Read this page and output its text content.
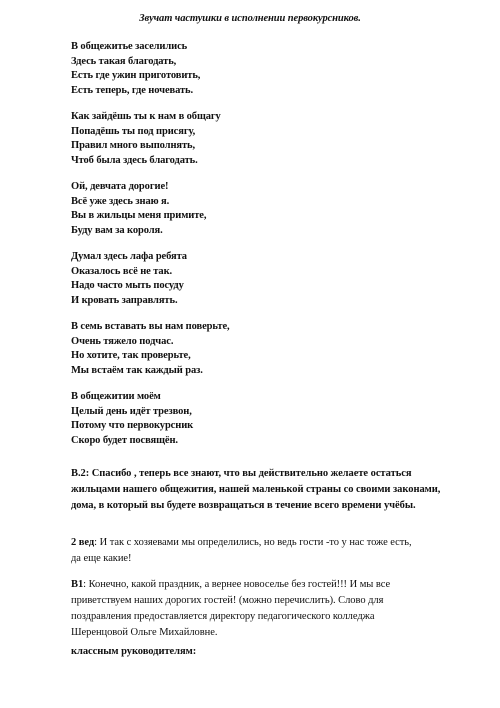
Звучат частушки в исполнении первокурсников.
В общежитье заселились
Здесь такая благодать,
Есть где ужин приготовить,
Есть теперь, где ночевать.
Как зайдёшь ты к нам в общагу
Попадёшь ты под присягу,
Правил много выполнять,
Чтоб была здесь благодать.
Ой, девчата дорогие!
Всё уже здесь знаю я.
Вы в жильцы меня примите,
Буду вам за короля.
Думал здесь лафа ребята
Оказалось всё не так.
Надо часто мыть посуду
И кровать заправлять.
В семь вставать вы нам поверьте,
Очень тяжело подчас.
Но хотите, так проверьте,
Мы встаём так каждый раз.
В общежитии моём
Целый день идёт трезвон,
Потому что первокурсник
Скоро будет посвящён.
В.2: Спасибо , теперь все знают, что вы действительно желаете остаться
жильцами нашего общежития, нашей маленькой страны со своими законами,
дома, в который вы будете возвращаться в течение всего времени учёбы.
2 вед: И так с хозяевами мы определились, но ведь гости -то у нас тоже есть,
да еще какие!
В1: Конечно, какой праздник, а вернее новоселье без гостей!!! И мы все
приветствуем наших дорогих гостей! (можно перечислить). Слово для
поздравления предоставляется директору педагогического колледжа
Шеренцовой Ольге Михайловне.
классным руководителям:
